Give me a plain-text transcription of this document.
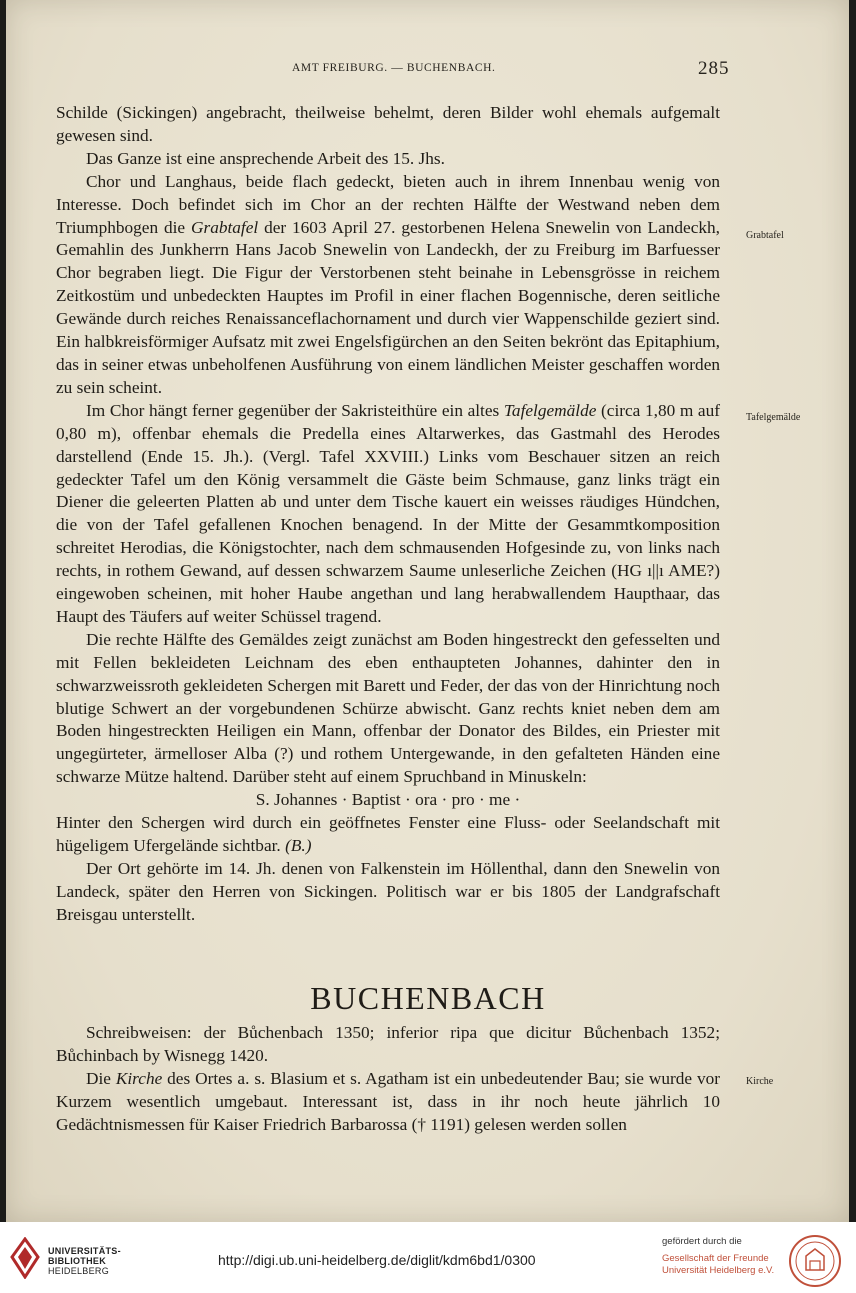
AMT FREIBURG. — BUCHENBACH.	285

Schilde (Sickingen) angebracht, theilweise behelmt, deren Bilder wohl ehemals aufgemalt gewesen sind.

Das Ganze ist eine ansprechende Arbeit des 15. Jhs.

Chor und Langhaus, beide flach gedeckt, bieten auch in ihrem Innenbau wenig von Interesse. Doch befindet sich im Chor an der rechten Hälfte der Westwand neben dem Triumphbogen die Grabtafel der 1603 April 27. gestorbenen Helena Snewelin von Landeckh, Gemahlin des Junkherrn Hans Jacob Snewelin von Landeckh, der zu Freiburg im Barfuesser Chor begraben liegt. Die Figur der Verstorbenen steht beinahe in Lebensgrösse in reichem Zeitkostüm und unbedeckten Hauptes im Profil in einer flachen Bogennische, deren seitliche Gewände durch reiches Renaissanceflachornament und durch vier Wappenschilde geziert sind. Ein halbkreisförmiger Aufsatz mit zwei Engelsfigürchen an den Seiten bekrönt das Epitaphium, das in seiner etwas unbeholfenen Ausführung von einem ländlichen Meister geschaffen worden zu sein scheint.

Im Chor hängt ferner gegenüber der Sakristeithüre ein altes Tafelgemälde (circa 1,80 m auf 0,80 m), offenbar ehemals die Predella eines Altarwerkes, das Gastmahl des Herodes darstellend (Ende 15. Jh.). (Vergl. Tafel XXVIII.) Links vom Beschauer sitzen an reich gedeckter Tafel um den König versammelt die Gäste beim Schmause, ganz links trägt ein Diener die geleerten Platten ab und unter dem Tische kauert ein weisses räudiges Hündchen, die von der Tafel gefallenen Knochen benagend. In der Mitte der Gesammtkomposition schreitet Herodias, die Königstochter, nach dem schmausenden Hofgesinde zu, von links nach rechts, in rothem Gewand, auf dessen schwarzem Saume unleserliche Zeichen (HG ı||ı AME?) eingewoben scheinen, mit hoher Haube angethan und lang herabwallendem Haupthaar, das Haupt des Täufers auf weiter Schüssel tragend.

Die rechte Hälfte des Gemäldes zeigt zunächst am Boden hingestreckt den gefesselten und mit Fellen bekleideten Leichnam des eben enthaupteten Johannes, dahinter den in schwarzweissroth gekleideten Schergen mit Barett und Feder, der das von der Hinrichtung noch blutige Schwert an der vorgebundenen Schürze abwischt. Ganz rechts kniet neben dem am Boden hingestreckten Heiligen ein Mann, offenbar der Donator des Bildes, ein Priester mit ungegürteter, ärmelloser Alba (?) und rothem Untergewande, in den gefalteten Händen eine schwarze Mütze haltend. Darüber steht auf einem Spruchband in Minuskeln:

S. Johannes · Baptist · ora · pro · me ·

Hinter den Schergen wird durch ein geöffnetes Fenster eine Fluss- oder Seelandschaft mit hügeligem Ufergelände sichtbar. (B.)

Der Ort gehörte im 14. Jh. denen von Falkenstein im Höllenthal, dann den Snewelin von Landeck, später den Herren von Sickingen. Politisch war er bis 1805 der Landgrafschaft Breisgau unterstellt.

BUCHENBACH

Schreibweisen: der Bůchenbach 1350; inferior ripa que dicitur Bůchenbach 1352; Bůchinbach by Wisnegg 1420.

Die Kirche des Ortes a. s. Blasium et s. Agatham ist ein unbedeutender Bau; sie wurde vor Kurzem wesentlich umgebaut. Interessant ist, dass in ihr noch heute jährlich 10 Gedächtnismessen für Kaiser Friedrich Barbarossa († 1191) gelesen werden sollen

Grabtafel
Tafelgemälde
Kirche
UNIVERSITÄTS-
BIBLIOTHEK
HEIDELBERG
http://digi.ub.uni-heidelberg.de/diglit/kdm6bd1/0300
gefördert durch die
Gesellschaft der Freunde
Universität Heidelberg e.V.
